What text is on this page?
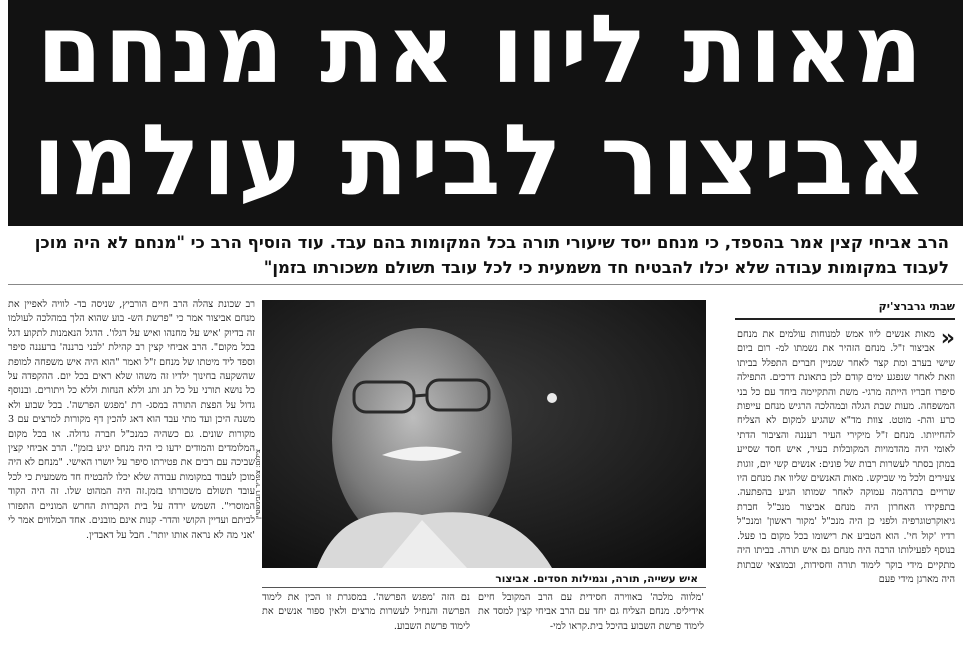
מאות ליוו את מנחם
אביצור לבית עולמו
הרב אביחי קצין אמר בהספד, כי מנחם ייסד שיעורי תורה בכל המקומות בהם עבד. עוד הוסיף הרב כי "מנחם לא היה מוכן לעבוד במקומות עבודה שלא יכלו להבטיח חד משמעית כי לכל עובד תשולם משכורתו בזמן"
שבתי גרברצ'יק
«
מאות אנשים ליוו אמש למנוחות עולמים את מנחם אביצור ז"ל. מנחם הזהיר את נשמתו למ- רום ביום שישי בערב ומת קצר לאחר שמניין חברים התפלל בביתו וזאת לאחר שנפגע ימים קודם לכן בתאונת דרכים. התפילה סיפרו חבריו הייתה מרגי- משת והתקיימה ביחד עם כל בני המשפחה. מעות שבת הגלה ובמהלכה הרגיש מנחם עייפות כרע והת- מוטט. צוות מד"א שהגיע למקום לא הצליח להחייותו. מנחם ז"ל מיקירי העיר רעננה והציבור הדתי לאומי היה מהדמויות המקובלות בעיר, איש חסד שסייע במתן בסתר לעשרות רבות של פונים: אנשים קשי יום, זוגות צעירים ולכל מי שביקש. מאות האנשים שליוו את מנחם היו שרויים בתדהמה עמוקה לאחר שמותו הגיע בהפתעה. בתפקידו האחרון היה מנחם אביצור מנכ"ל חברת גיאוקרטוגרפיה ולפני כן היה מנכ"ל 'מקור ראשון' ומנכ"ל רדיו 'קול חי'. הוא הטביע את רישומו בכל מקום בו פעל. בנוסף לפעילותו הרבה היה מנחם גם איש תורה. בביתו היה מתקיים מידי בוקר לימוד תורה וחסידות, ובמוצאי שבתות היה מארגן מידי פעם
צילום: צפריר רובינשטיין
איש עשייה, תורה, וגמילות חסדים. אביצור
'מלווה מלכה' באווירה חסידית עם הרב המקובל חיים אידיליס. מנחם הצליח גם יחד עם הרב אביחי קצין למסד את לימוד פרשת השבוע בהיכל בית.קראו למי-
נם הזה 'מפגש הפרשה'. במסגרת זו הכין את לימוד הפרשה והנחיל לעשרות מרצים ולאין ספור אנשים את לימוד פרשת השבוע.
רב שכונת צהלה הרב חיים הורביץ, שניסה בד- לוויה לאפיין את מנחם אביצור אמר כי "פרשת הש- בוע שהוא הלך במהלכה לעולמו זה בדיוק 'איש על מחנהו ואיש על דגלו'. הדגל הנאמנות לתקוע דגל בכל מקום". הרב אביחי קצין רב קהילת 'לבני ברננה' ברעננה סיפר וספד ליד מיטתו של מנחם ז"ל ואמר "הוא היה איש משפחה למופת שהשקעה בחינוך ילדיו זה משהו שלא ראים בכל יום. ההקפדה על כל נושא תורני על כל תג ותג וללא הנחות וללא כל ויתורים. ובנוסף גדול על הפצת התורה במסג- רת 'מפגש הפרשה'. בכל שבוע ולא משנה היכן ועד מתי עבד הוא דאג להכין דף מקורות למרצים עם 3 מקורות שונים. גם כשהיה כמנכ"ל חברה גדולה. או בכל מקום המלומדים והמודים ידעו כי היה מנחם יגיע בזמן". הרב אביחי קצין שביכה עם רבים את פטירתו סיפר על יושרו האישי. "מנחם לא היה מוכן לעבוד במקומות עבודה שלא יכלו להבטיח חד משמעית כי לכל עובד תשולם משכורתו בזמן.זה היה המהוט שלו. זה היה הקוד המוסרי". השמש ירדה על בית הקברות החרש המוניים התפזרו לביתם ועדיין הקושי והדר- קנות אינם מובנים. אחד המלווים אמר לי 'אני מה לא נראה אותו יותר'. חבל על דאבדין.
